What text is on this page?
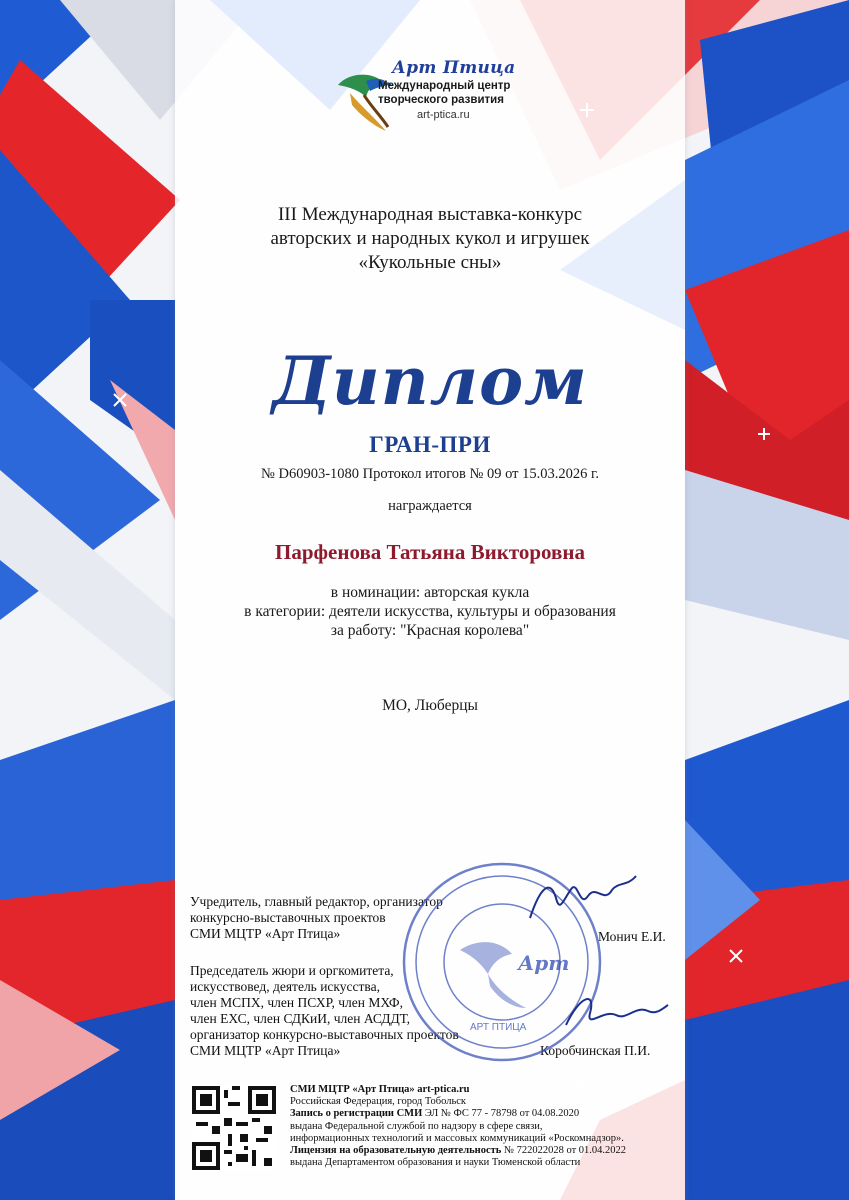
Арт Птица
Международный центр
творческого развития
art-ptica.ru
III Международная выставка-конкурс
авторских и народных кукол и игрушек
«Кукольные сны»
Диплом
ГРАН-ПРИ
№ D60903-1080 Протокол итогов № 09 от 15.03.2026 г.
награждается
Парфенова Татьяна Викторовна
в номинации: авторская кукла
в категории: деятели искусства, культуры и образования
за работу: "Красная королева"
МО, Люберцы
Учредитель, главный редактор, организатор
конкурсно-выставочных проектов
СМИ МЦТР «Арт Птица»	Монич Е.И.
Председатель жюри и оргкомитета,
искусствовед, деятель искусства,
член МСПХ, член ПСХР, член МХФ,
член ЕХС, член СДКиИ, член АСДДТ,
организатор конкурсно-выставочных проектов
СМИ МЦТР «Арт Птица»	Коробчинская П.И.
Арт
АРТ ПТИЦА
СМИ МЦТР «Арт Птица» art-ptica.ru
Российская Федерация, город Тобольск
Запись о регистрации СМИ ЭЛ № ФС 77 - 78798 от 04.08.2020
выдана Федеральной службой по надзору в сфере связи,
информационных технологий и массовых коммуникаций «Роскомнадзор».
Лицензия на образовательную деятельность № 722022028 от 01.04.2022
выдана Департаментом образования и науки Тюменской области
